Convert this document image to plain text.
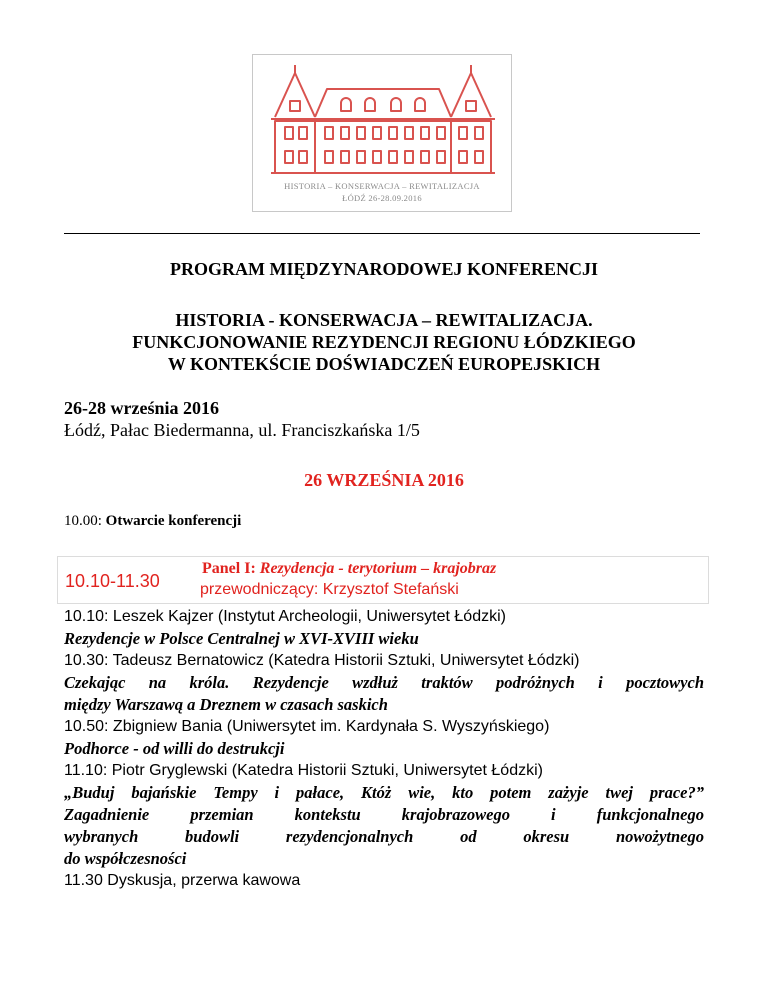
HISTORIA – KONSERWACJA – REWITALIZACJA
ŁÓDŹ 26-28.09.2016
PROGRAM MIĘDZYNARODOWEJ KONFERENCJI
HISTORIA - KONSERWACJA – REWITALIZACJA.
FUNKCJONOWANIE REZYDENCJI REGIONU ŁÓDZKIEGO
W KONTEKŚCIE DOŚWIADCZEŃ EUROPEJSKICH
26-28 września 2016
Łódź, Pałac Biedermanna, ul. Franciszkańska 1/5
26 WRZEŚNIA 2016
10.00: Otwarcie konferencji
10.10-11.30
Panel I: Rezydencja - terytorium – krajobraz
przewodniczący: Krzysztof Stefański

10.10: Leszek Kajzer (Instytut Archeologii, Uniwersytet Łódzki)

Rezydencje w Polsce Centralnej w XVI-XVIII wieku

10.30: Tadeusz Bernatowicz (Katedra Historii Sztuki, Uniwersytet Łódzki)

Czekając na króla. Rezydencje wzdłuż traktów podróżnych i pocztowych

między Warszawą a Dreznem w czasach saskich

10.50: Zbigniew Bania (Uniwersytet im. Kardynała S. Wyszyńskiego)

Podhorce - od willi do destrukcji

11.10: Piotr Gryglewski (Katedra Historii Sztuki, Uniwersytet Łódzki)

„Buduj bajańskie Tempy i pałace, Któż wie, kto potem zażyje twej prace?”

Zagadnienie przemian kontekstu krajobrazowego i funkcjonalnego

wybranych budowli rezydencjonalnych od okresu nowożytnego

do współczesności

11.30 Dyskusja, przerwa kawowa
